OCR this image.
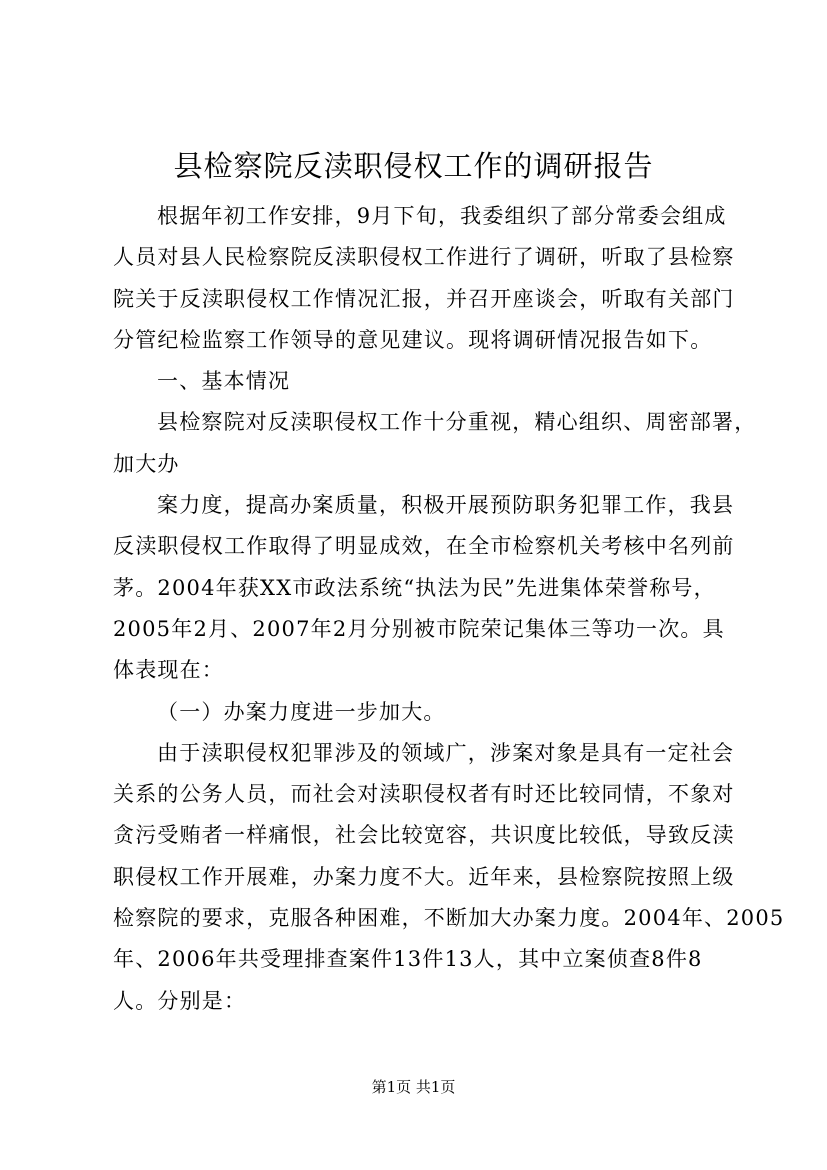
县检察院反渎职侵权工作的调研报告

根据年初工作安排，9月下旬，我委组织了部分常委会组成

人员对县人民检察院反渎职侵权工作进行了调研，听取了县检察

院关于反渎职侵权工作情况汇报，并召开座谈会，听取有关部门

分管纪检监察工作领导的意见建议。现将调研情况报告如下。

一、基本情况

县检察院对反渎职侵权工作十分重视，精心组织、周密部署，

加大办

案力度，提高办案质量，积极开展预防职务犯罪工作，我县

反渎职侵权工作取得了明显成效，在全市检察机关考核中名列前

茅。2004年获XX市政法系统“执法为民”先进集体荣誉称号，

2005年2月、2007年2月分别被市院荣记集体三等功一次。具

体表现在：

（一）办案力度进一步加大。

由于渎职侵权犯罪涉及的领域广，涉案对象是具有一定社会

关系的公务人员，而社会对渎职侵权者有时还比较同情，不象对

贪污受贿者一样痛恨，社会比较宽容，共识度比较低，导致反渎

职侵权工作开展难，办案力度不大。近年来，县检察院按照上级

检察院的要求，克服各种困难，不断加大办案力度。2004年、2005

年、2006年共受理排查案件13件13人，其中立案侦查8件8

人。分别是：

第1页 共1页
